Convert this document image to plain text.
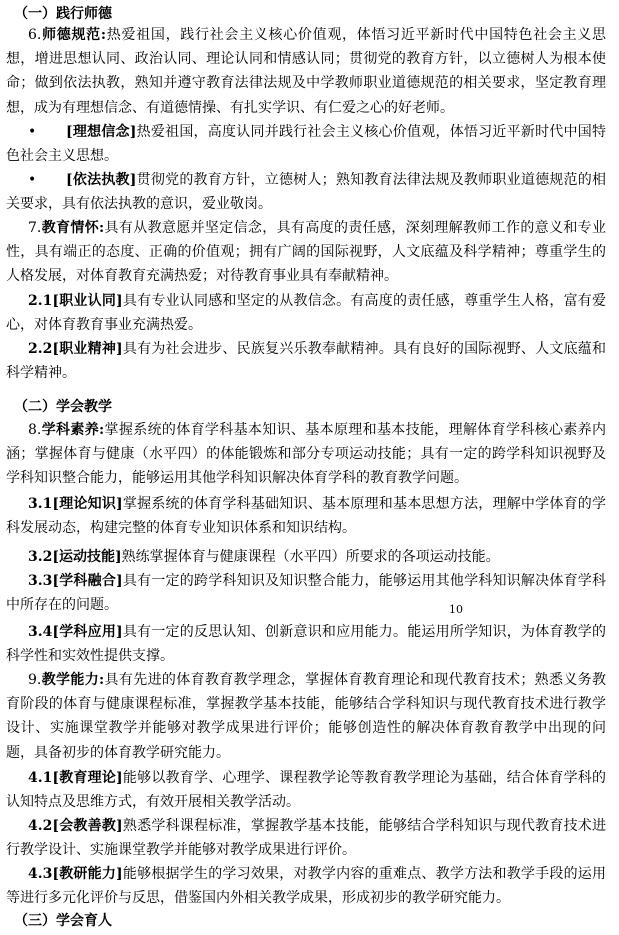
（一）践行师德
6.师德规范:热爱祖国，践行社会主义核心价值观，体悟习近平新时代中国特色社会主义思想，增进思想认同、政治认同、理论认同和情感认同；贯彻党的教育方针，以立德树人为根本使命；做到依法执教，熟知并遵守教育法律法规及中学教师职业道德规范的相关要求，坚定教育理想，成为有理想信念、有道德情操、有扎实学识、有仁爱之心的好老师。
• [理想信念]热爱祖国，高度认同并践行社会主义核心价值观，体悟习近平新时代中国特色社会主义思想。
• [依法执教]贯彻党的教育方针，立德树人；熟知教育法律法规及教师职业道德规范的相关要求，具有依法执教的意识，爱业敬岗。
7.教育情怀:具有从教意愿并坚定信念，具有高度的责任感，深刻理解教师工作的意义和专业性，具有端正的态度、正确的价值观；拥有广阔的国际视野，人文底蕴及科学精神；尊重学生的人格发展，对体育教育充满热爱；对待教育事业具有奉献精神。
2.1[职业认同]具有专业认同感和坚定的从教信念。有高度的责任感，尊重学生人格，富有爱心，对体育教育事业充满热爱。
2.2[职业精神]具有为社会进步、民族复兴乐教奉献精神。具有良好的国际视野、人文底蕴和科学精神。
（二）学会教学
8.学科素养:掌握系统的体育学科基本知识、基本原理和基本技能，理解体育学科核心素养内涵；掌握体育与健康（水平四）的体能锻炼和部分专项运动技能；具有一定的跨学科知识视野及学科知识整合能力，能够运用其他学科知识解决体育学科的教育教学问题。
3.1[理论知识]掌握系统的体育学科基础知识、基本原理和基本思想方法，理解中学体育的学科发展动态，构建完整的体育专业知识体系和知识结构。
3.2[运动技能]熟练掌握体育与健康课程（水平四）所要求的各项运动技能。
3.3[学科融合]具有一定的跨学科知识及知识整合能力，能够运用其他学科知识解决体育学科中所存在的问题。	10
3.4[学科应用]具有一定的反思认知、创新意识和应用能力。能运用所学知识，为体育教学的科学性和实效性提供支撑。
9.教学能力:具有先进的体育教育教学理念，掌握体育教育理论和现代教育技术；熟悉义务教育阶段的体育与健康课程标准，掌握教学基本技能，能够结合学科知识与现代教育技术进行教学设计、实施课堂教学并能够对教学成果进行评价；能够创造性的解决体育教育教学中出现的问题，具备初步的体育教学研究能力。
4.1[教育理论]能够以教育学、心理学、课程教学论等教育教学理论为基础，结合体育学科的认知特点及思维方式，有效开展相关教学活动。
4.2[会教善教]熟悉学科课程标准，掌握教学基本技能，能够结合学科知识与现代教育技术进行教学设计、实施课堂教学并能够对教学成果进行评价。
4.3[教研能力]能够根据学生的学习效果，对教学内容的重难点、教学方法和教学手段的运用等进行多元化评价与反思，借鉴国内外相关教学成果，形成初步的教学研究能力。
（三）学会育人
